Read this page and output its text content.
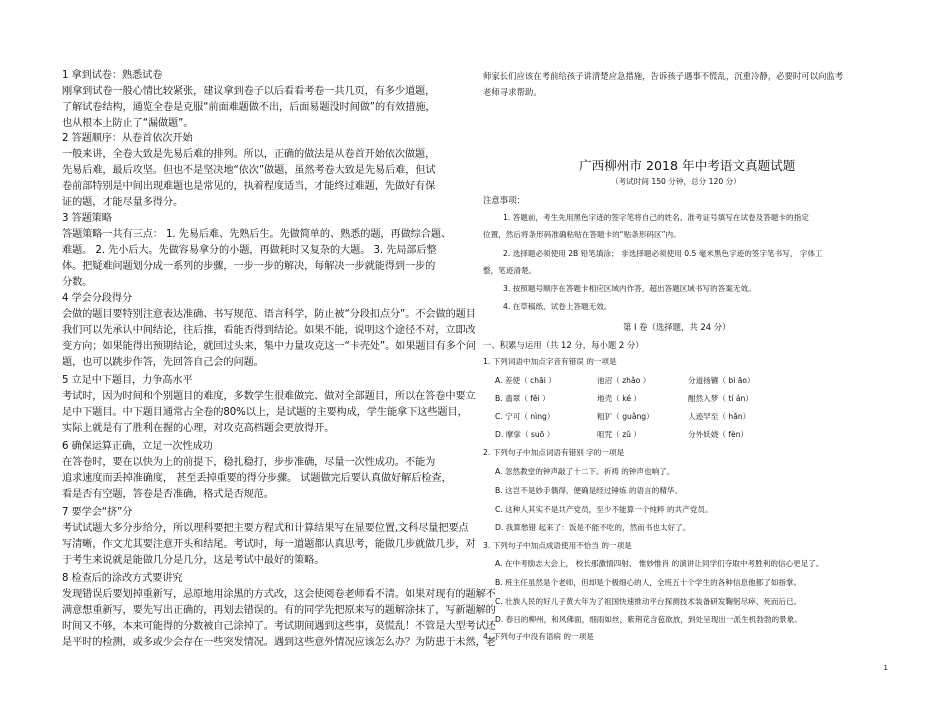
1 拿到试卷：熟悉试卷
刚拿到试卷一般心情比较紧张，建议拿到卷子以后看看考卷一共几页，有多少道题，
了解试卷结构，通览全卷是克服“前面难题做不出，后面易题没时间做”的有效措施，
也从根本上防止了“漏做题”。
2 答题顺序：从卷首依次开始
一般来讲，全卷大致是先易后难的排列。所以，正确的做法是从卷首开始依次做题，
先易后难，最后攻坚。但也不是坚决地“依次”做题，虽然考卷大致是先易后难，但试
卷前部特别是中间出现难题也是常见的，执着程度适当，才能终过难题，先做好有保
证的题，才能尽量多得分。
3 答题策略
答题策略一共有三点： 1. 先易后难、先熟后生。先做简单的、熟悉的题，再做综合题、
难题。 2. 先小后大。先做容易拿分的小题，再做耗时又复杂的大题。 3. 先局部后整
体。把疑难问题划分成一系列的步骤，一步一步的解决，每解决一步就能得到一步的
分数。
4 学会分段得分
会做的题目要特别注意表达准确、书写规范、语言科学，防止被“分段扣点分”。不会做的题目
我们可以先承认中间结论，往后推，看能否得到结论。如果不能，说明这个途径不对，立即改
变方向；如果能得出预期结论，就回过头来，集中力量攻克这一“卡壳处”。如果题目有多个问
题，也可以跳步作答，先回答自己会的问题。
5 立足中下题目，力争高水平
考试时，因为时间和个别题目的难度，多数学生很难做完、做对全部题目，所以在答卷中要立
足中下题目。中下题目通常占全卷的80%以上，是试题的主要构成，学生能拿下这些题目，
实际上就是有了胜利在握的心理，对攻克高档题会更放得开。
6 确保运算正确，立足一次性成功
在答卷时，要在以快为上的前提下，稳扎稳打，步步准确，尽量一次性成功。不能为
追求速度而丢掉准确度， 甚至丢掉重要的得分步骤。 试题做完后要认真做好解后检查，
看是否有空题，答卷是否准确，格式是否规范。
7 要学会“挤”分
考试试题大多分步给分，所以理科要把主要方程式和计算结果写在显要位置,文科尽量把要点
写清晰，作文尤其要注意开头和结尾。考试时，每一道题都认真思考，能做几步就做几步，对
于考生来说就是能做几分是几分，这是考试中最好的策略。
8 检查后的涂改方式要讲究
发现错误后要划掉重新写，忌原地用涂黑的方式改，这会使阅卷老师看不清。如果对现有的题解不
满意想重新写，要先写出正确的，再划去错误的。有的同学先把原来写的题解涂抹了，写新题解的
时间又不够，本来可能得的分数被自己涂掉了。考试期间遇到这些事，莫慌乱！不管是大型考试还
是平时的检测，或多或少会存在一些突发情况。遇到这些意外情况应该怎么办？为防患于未然，老
师家长们应该在考前给孩子讲清楚应急措施，告诉孩子遇事不慌乱，沉重冷静，必要时可以向监考
老师寻求帮助。
广西柳州市 2018 年中考语文真题试题
（考试时间 150 分钟，总分 120 分）
注意事项：
1. 答题前，考生先用黑色字迹的签字笔将自己的姓名、准考证号填写在试卷及答题卡的指定
位置，然后将条形码准确粘贴在答题卡的“贴条形码区”内。
2. 选择题必须使用 2B 铅笔填涂； 非选择题必须使用 0.5 毫米黑色字迹的签字笔书写， 字体工
整，笔迹清楚。
3. 按照题号顺序在答题卡相应区域内作答，超出答题区域书写的答案无效。
4. 在草稿纸、试卷上答题无效。
第 I 卷（选择题，共 24 分）
一、积累与运用（共 12 分，每小题 2 分）
1. 下列词语中加点字音有错误 的一项是
A. 差使（ chāi ）	池沼（ zhǎo ）	分道扬镳（ bi āo）
B. 翡翠（ fěi ）	地壳（ ké ）	酣然入梦（ tí án）
C. 宁可（ nìng）	粗犷（ guǎng）	人迹罕至（ hǎn）
D. 摩挲（ suō ）	咀咒（ zǔ ）	分外妖娆（ fèn）
2. 下列句子中加点词语有错别 字的一项是
A. 忽然教堂的钟声敲了十二下。祈祷 的钟声也响了。
B. 这岂不是妙手偶得，便确是经过锤炼 的语言的精华。
C. 这种人其实不是共产党员，至少不能算一个纯粹 的共产党员。
D. 我算愁错 起来了：饭是不能不吃的，然而书也太好了。
3. 下列句子中加点成语使用不恰当 的一项是
A. 在中考励志大会上， 校长那激情四射、 惟妙惟肖 的演讲让同学们夺取中考胜利的信心更足了。
B. 班主任虽然是个老师，但却是个极细心的人，全班五十个学生的各种信息他都了如指掌。
C. 壮族人民的好儿子黄大年为了祖国快速推动平台探测技术装备研发鞠躬尽瘁、死而后已。
D. 春日的柳州，和风佛面，细雨如丝，紫荆花含苞欲放，到处呈现出一派生机勃勃的景象。
4. 下列句子中没有语病 的一项是
1
